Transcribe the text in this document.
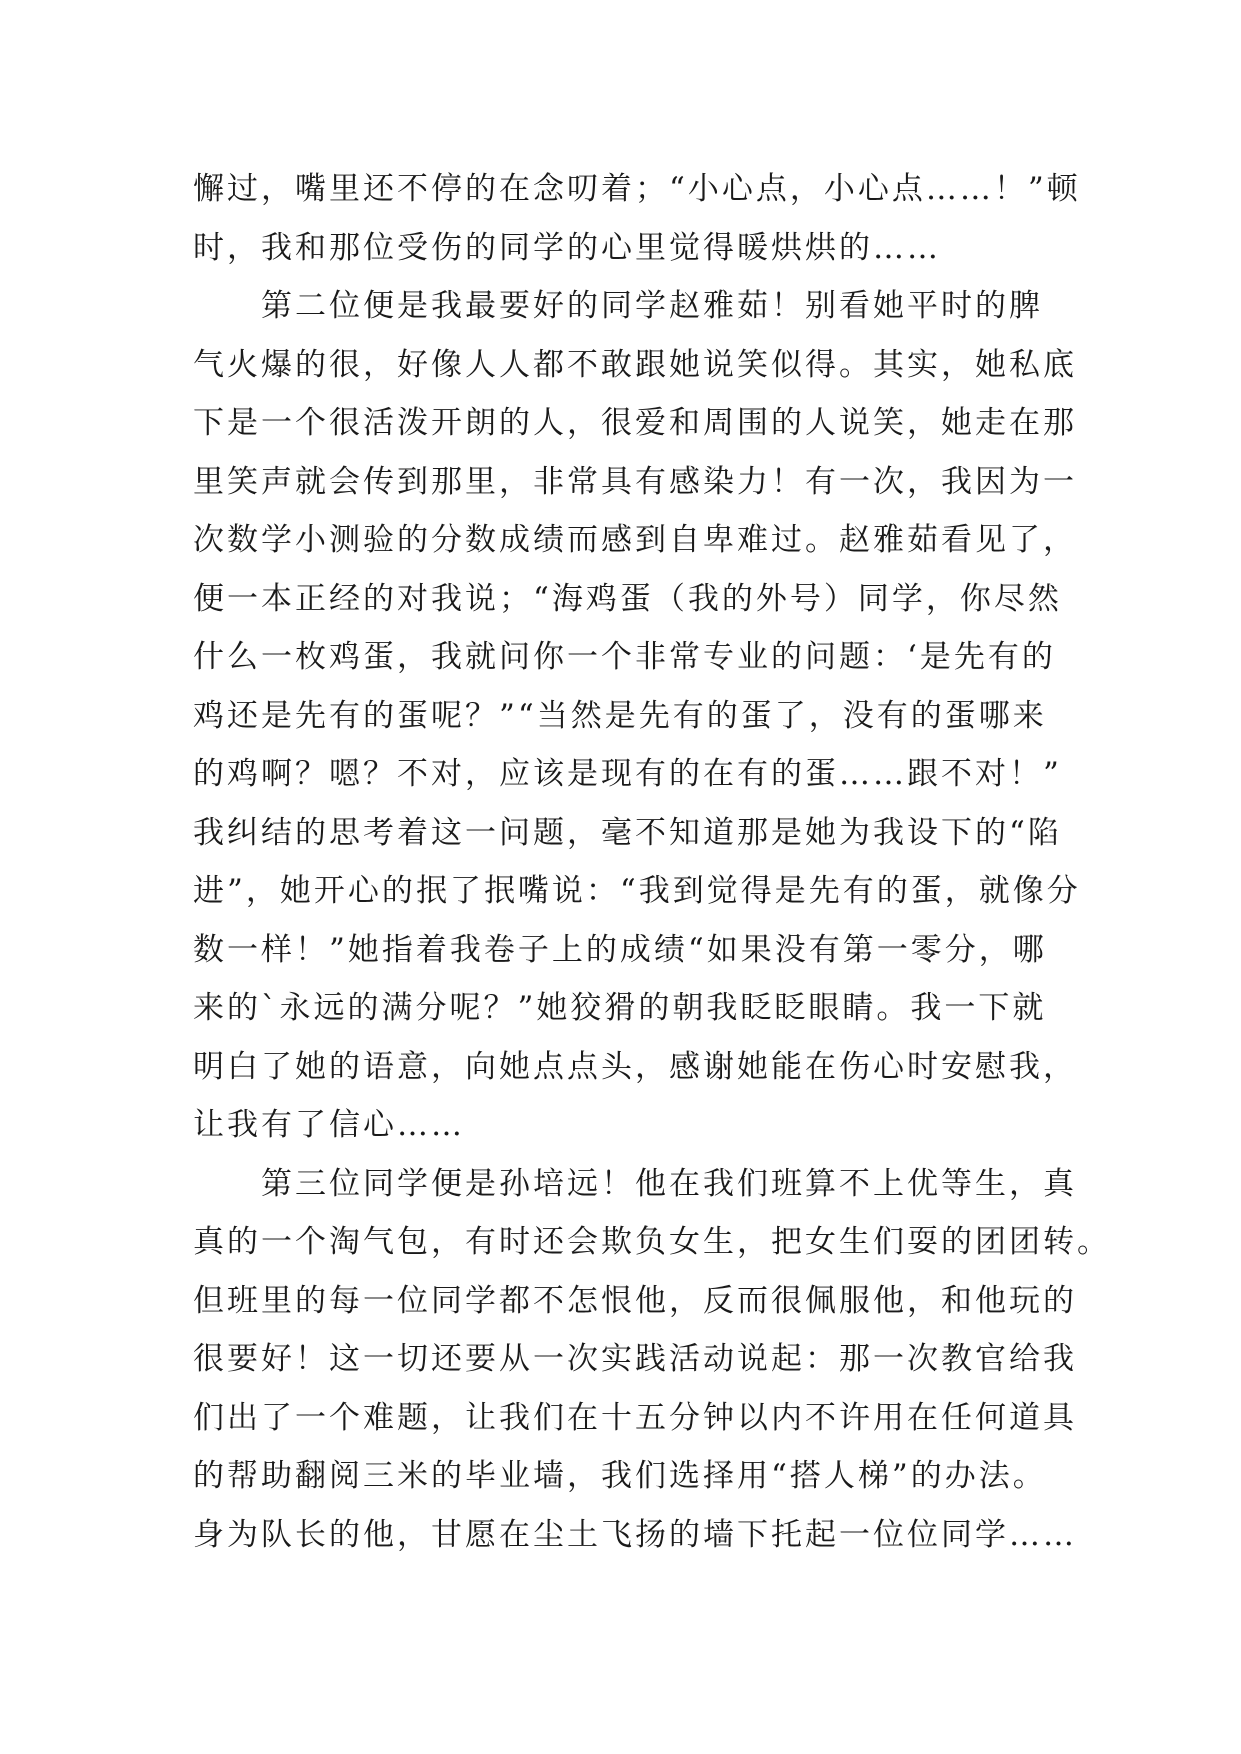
懈过，嘴里还不停的在念叨着；“小心点，小心点……！”顿
时，我和那位受伤的同学的心里觉得暖烘烘的……
　　第二位便是我最要好的同学赵雅茹！别看她平时的脾
气火爆的很，好像人人都不敢跟她说笑似得。其实，她私底
下是一个很活泼开朗的人，很爱和周围的人说笑，她走在那
里笑声就会传到那里，非常具有感染力！有一次，我因为一
次数学小测验的分数成绩而感到自卑难过。赵雅茹看见了，
便一本正经的对我说；“海鸡蛋（我的外号）同学，你尽然
什么一枚鸡蛋，我就问你一个非常专业的问题：‘是先有的
鸡还是先有的蛋呢？”“当然是先有的蛋了，没有的蛋哪来
的鸡啊？嗯？不对，应该是现有的在有的蛋……跟不对！”
我纠结的思考着这一问题，毫不知道那是她为我设下的“陷
进”，她开心的抿了抿嘴说：“我到觉得是先有的蛋，就像分
数一样！”她指着我卷子上的成绩“如果没有第一零分，哪
来的`永远的满分呢？”她狡猾的朝我眨眨眼睛。我一下就
明白了她的语意，向她点点头，感谢她能在伤心时安慰我，
让我有了信心……
　　第三位同学便是孙培远！他在我们班算不上优等生，真
真的一个淘气包，有时还会欺负女生，把女生们耍的团团转。
但班里的每一位同学都不怎恨他，反而很佩服他，和他玩的
很要好！这一切还要从一次实践活动说起：那一次教官给我
们出了一个难题，让我们在十五分钟以内不许用在任何道具
的帮助翻阅三米的毕业墙，我们选择用“搭人梯”的办法。
身为队长的他，甘愿在尘土飞扬的墙下托起一位位同学……
